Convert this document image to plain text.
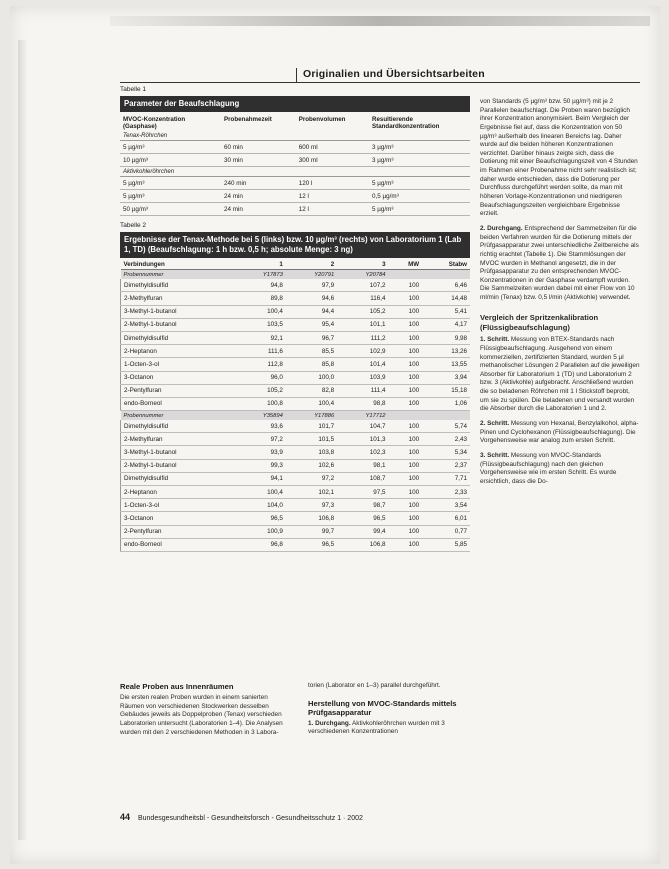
Originalien und Übersichtsarbeiten
Tabelle 1
Parameter der Beaufschlagung
MVOC-Konzentration (Gasphase)	Probenahmezeit	Probenvolumen	Resultierende Standardkonzentration
Tenax-Röhrchen			
5 µg/m³	60 min	600 ml	3 µg/m³
10 µg/m³	30 min	300 ml	3 µg/m³
Aktivkohleröhrchen			
5 µg/m³	240 min	120 l	5 µg/m³
5 µg/m³	24 min	12 l	0,5 µg/m³
50 µg/m³	24 min	12 l	5 µg/m³
Tabelle 2
Ergebnisse der Tenax-Methode bei 5 (links) bzw. 10 µg/m³ (rechts) von Laboratorium 1 (Lab 1, TD) (Beaufschlagung: 1 h bzw. 0,5 h; absolute Menge: 3 ng)
Verbindungen	1	2	3	MW	Stabw
Probennummer	Y17873	Y20791	Y20784		
Dimethyldisulfid	94,8	97,9	107,2	100	6,46
2-Methylfuran	89,8	94,6	116,4	100	14,48
3-Methyl-1-butanol	100,4	94,4	105,2	100	5,41
2-Methyl-1-butanol	103,5	95,4	101,1	100	4,17
Dimethyldisulfid	92,1	96,7	111,2	100	9,98
2-Heptanon	111,6	85,5	102,9	100	13,26
1-Octen-3-ol	112,8	85,8	101,4	100	13,55
3-Octanon	96,0	100,0	103,9	100	3,94
2-Pentylfuran	105,2	82,8	111,4	100	15,18
endo-Borneol	100,8	100,4	98,8	100	1,06
Probennummer	Y35894	Y17886	Y17712		
Dimethyldisulfid	93,6	101,7	104,7	100	5,74
2-Methylfuran	97,2	101,5	101,3	100	2,43
3-Methyl-1-butanol	93,9	103,8	102,3	100	5,34
2-Methyl-1-butanol	99,3	102,6	98,1	100	2,37
Dimethyldisulfid	94,1	97,2	108,7	100	7,71
2-Heptanon	100,4	102,1	97,5	100	2,33
1-Octen-3-ol	104,0	97,3	98,7	100	3,54
3-Octanon	96,5	106,8	96,5	100	6,01
2-Pentylfuran	100,9	99,7	99,4	100	0,77
endo-Borneol	96,8	96,5	106,8	100	5,85
Reale Proben aus Innenräumen
Die ersten realen Proben wurden in einem sanierten Räumen von verschiedenen Stockwerken desselben Gebäudes jeweils als Doppelproben (Tenax) verschieden Laboratorien untersucht (Laboratorien 1–4). Die Analysen wurden mit den 2 verschiedenen Methoden in 3 Labora-
torien (Laborator en 1–3) parallel durchgeführt.
Herstellung von MVOC-Standards mittels Prüfgasapparatur
1. Durchgang. Aktivkohleröhrchen wurden mit 3 verschiedenen Konzentrationen

von Standards (5 µg/m³ bzw. 50 µg/m³) mit je 2 Parallelen beaufschlagt. Die Proben waren bezüglich ihrer Konzentration anonymisiert. Beim Vergleich der Ergebnisse fiel auf, dass die Konzentration von 50 µg/m³ außerhalb des linearen Bereichs lag. Daher wurde auf die beiden höheren Konzentrationen verzichtet. Darüber hinaus zeigte sich, dass die Dotierung mit einer Beaufschlagungszeit von 4 Stunden im Rahmen einer Probenahme nicht sehr realistisch ist; daher wurde entschieden, dass die Dotierung per Durchfluss durchgeführt werden sollte, da man mit höheren Vorlage-Konzentrationen und niedrigeren Beaufschlagungszeiten vergleichbare Ergebnisse erzielt.

2. Durchgang. Entsprechend der Sammelzeiten für die beiden Verfahren wurden für die Dotierung mittels der Prüfgasapparatur zwei unterschiedliche Zeitbereiche als richtig erachtet (Tabelle 1). Die Stammlösungen der MVOC wurden in Methanol angesetzt, die in der Prüfgasapparatur zu den entsprechenden MVOC-Konzentrationen in der Gasphase verdampft wurden. Die Sammelzeiten wurden dabei mit einer Flow von 10 ml/min (Tenax) bzw. 0,5 l/min (Aktivkohle) verwendet.

Vergleich der Spritzenkalibration (Flüssigbeaufschlagung)

1. Schritt. Messung von BTEX-Standards nach Flüssigbeaufschlagung. Ausgehend von einem kommerziellen, zertifizierten Standard, wurden 5 µl methanolischer Lösungen 2 Parallelen auf die jeweiligen Absorber für Laboratorium 1 (TD) und Laboratorium 2 bzw. 3 (Aktivkohle) aufgebracht. Anschließend wurden die so beladenen Röhrchen mit 1 l Stickstoff beprobt, um sie zu spülen. Die beladenen und versandt wurden die Absorber durch die Laboratorien 1 und 2.

2. Schritt. Messung von Hexanal, Benzylalkohol, alpha-Pinen und Cyclohexanon (Flüssigbeaufschlagung). Die Vorgehensweise war analog zum ersten Schritt.

3. Schritt. Messung von MVOC-Standards (Flüssigbeaufschlagung) nach den gleichen Vorgehensweise wie im ersten Schritt. Es wurde ersichtlich, dass die Do-

44 Bundesgesundheitsbl - Gesundheitsforsch - Gesundheitsschutz 1 · 2002
